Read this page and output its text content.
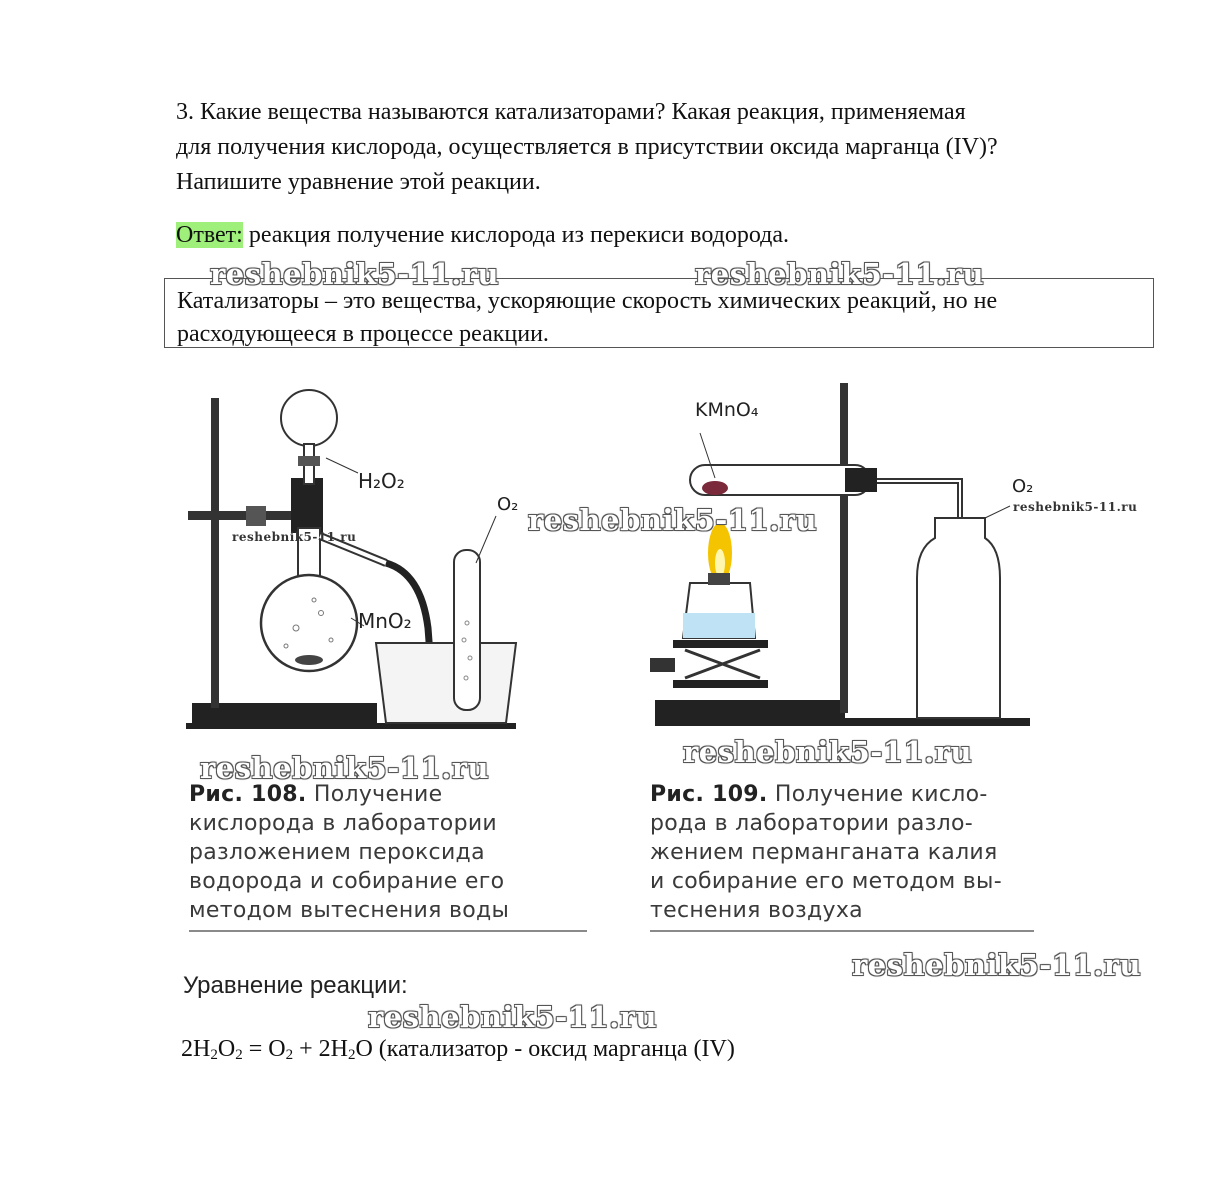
3. Какие вещества называются катализаторами? Какая реакция, применяемая
для получения кислорода, осуществляется в присутствии оксида марганца (IV)?
Напишите уравнение этой реакции.
Ответ: реакция получение кислорода из перекиси водорода.
Катализаторы – это вещества, ускоряющие скорость химических реакций, но не
расходующееся в процессе реакции.
reshebnik5-11.ru	reshebnik5-11.ru
H₂O₂
MnO₂
O₂
reshebnik5-11.ru
KMnO₄
O₂
reshebnik5-11.ru
reshebnik5-11.ru
reshebnik5-11.ru
reshebnik5-11.ru
Рис. 108. Получение
кислорода в лаборатории
разложением пероксида
водорода и собирание его
методом вытеснения воды
Рис. 109. Получение кисло-
рода в лаборатории разло-
жением перманганата калия
и собирание его методом вы-
теснения воздуха
reshebnik5-11.ru
Уравнение реакции:
reshebnik5-11.ru
$2H_2O_2 = O_2 + 2H_2O$ (катализатор - оксид марганца (IV)
